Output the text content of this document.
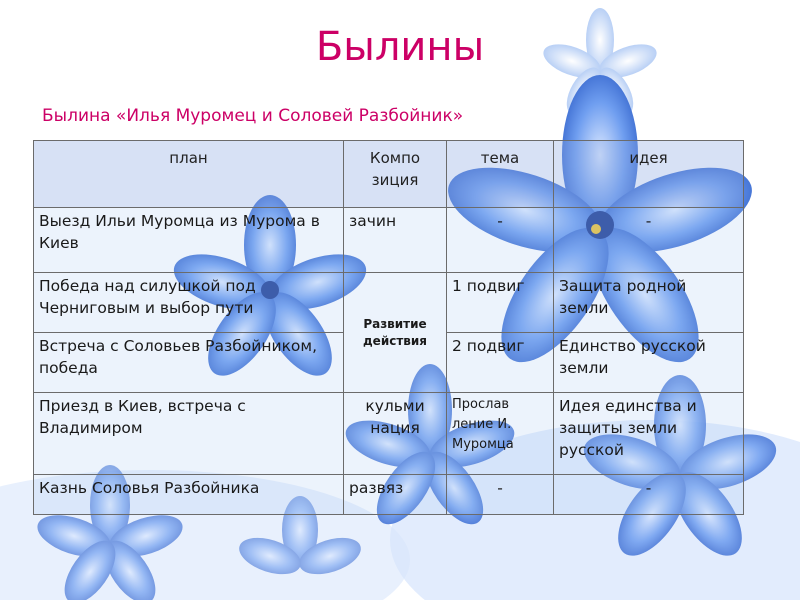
Былины

Былина «Илья Муромец и Соловей Разбойник»

план	Компо зиция	тема	идея
Выезд Ильи Муромца из Мурома в Киев	зачин	-	-
Победа над силушкой под Черниговым и выбор пути	Развитие действия	1 подвиг	Защита родной земли
Встреча с Соловьев Разбойником, победа		2 подвиг	Единство русской земли
Приезд в Киев, встреча с Владимиром	кульми нация	Прослав ление И. Муромца	Идея единства и защиты земли русской
Казнь Соловья Разбойника	развяз	-	-
